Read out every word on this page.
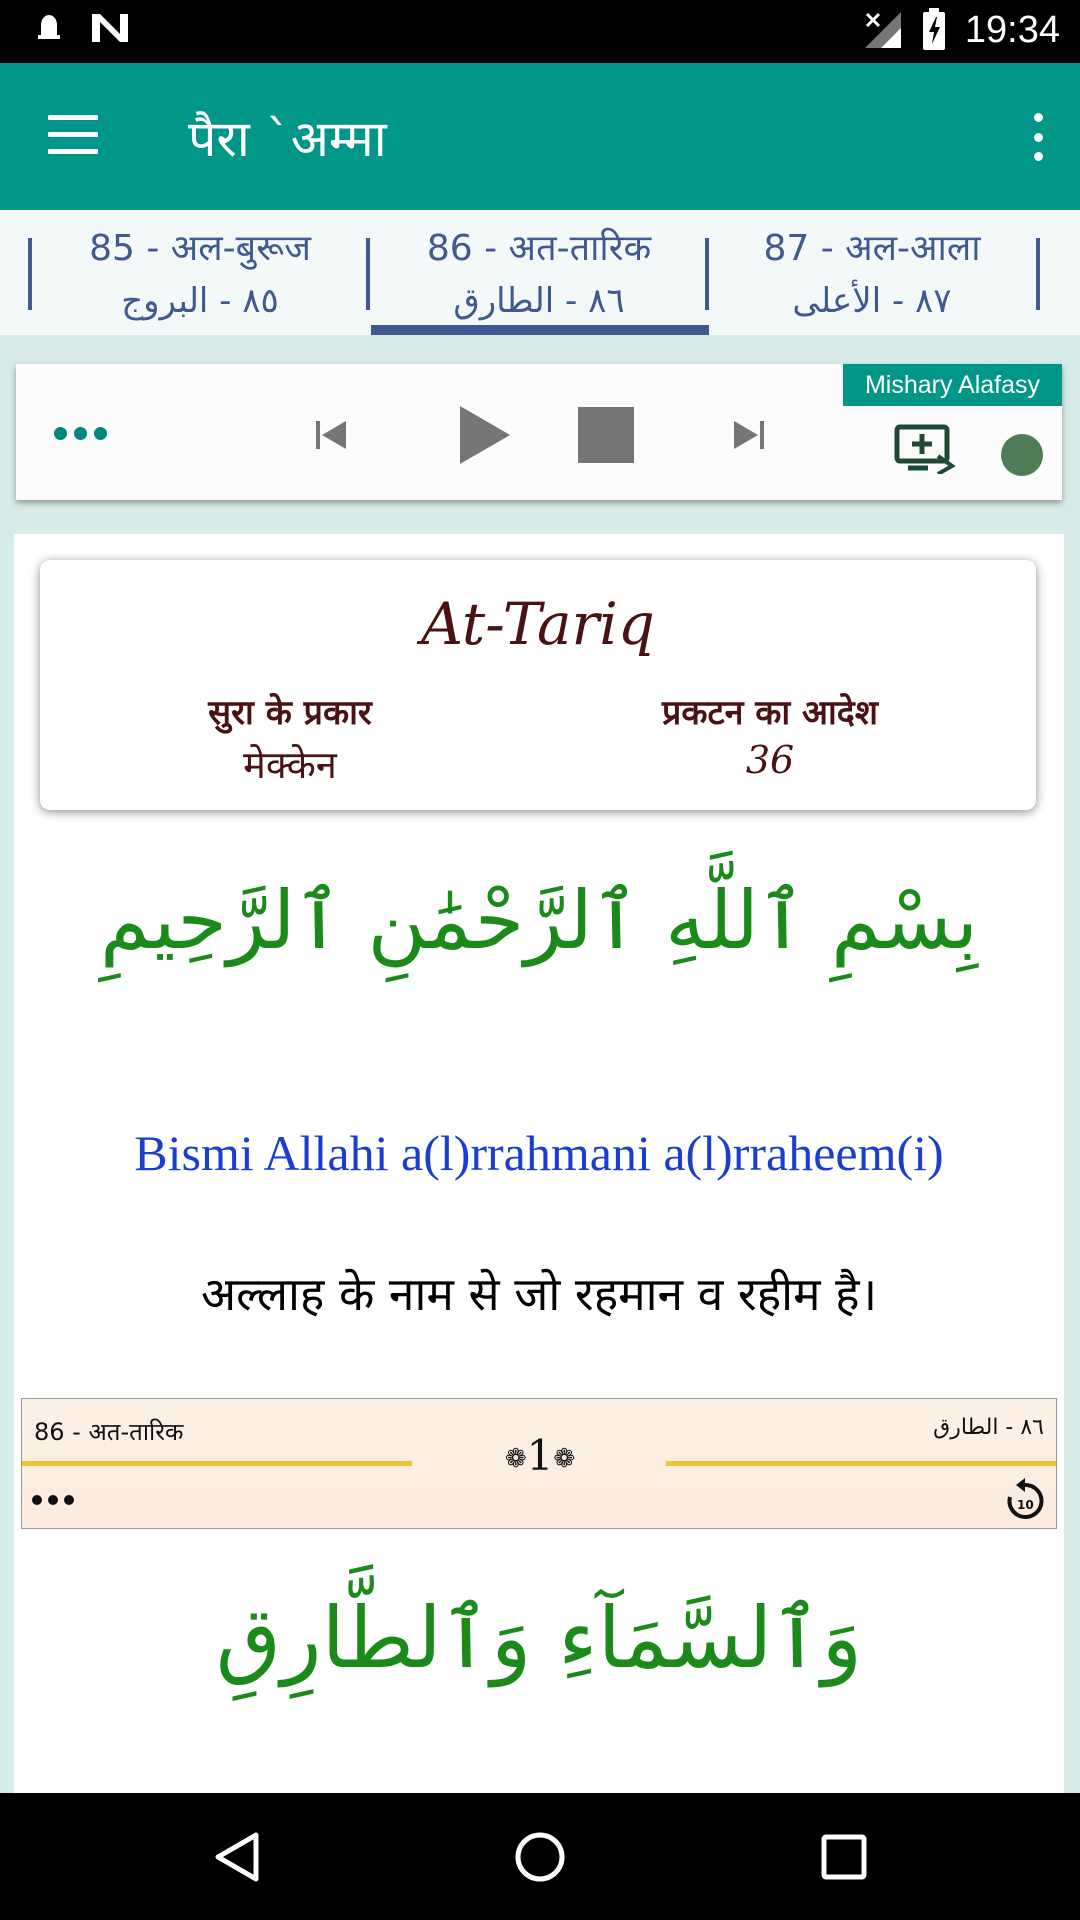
19:34
पैरा `अम्मा
85 - अल-बुरूज
٨٥ - البروج
86 - अत-तारिक
٨٦ - الطارق
87 - अल-आला
٨٧ - الأعلى
Mishary Alafasy
At-Tariq
सुरा के प्रकार
मेक्केन
प्रकटन का आदेश
36
بِسْمِ ٱللَّهِ ٱلرَّحْمَٰنِ ٱلرَّحِيمِ
Bismi Allahi a(l)rrahmani a(l)rraheem(i)
अल्लाह के नाम से जो रहमान व रहीम है।
86 - अत-तारिक	٨٦ - الطارق
❁1❁
10
وَٱلسَّمَآءِ وَٱلطَّارِقِ
